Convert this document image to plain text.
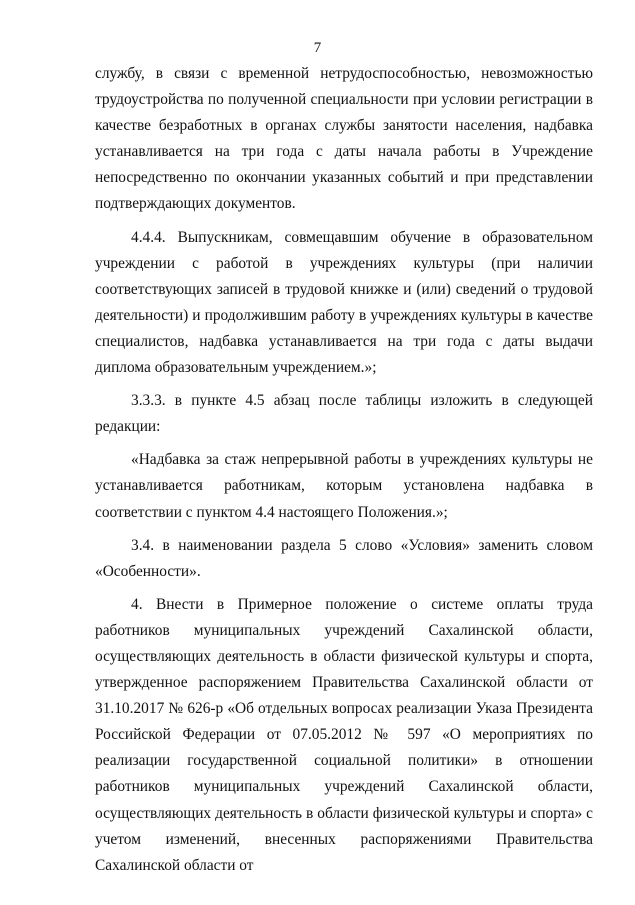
7

службу, в связи с временной нетрудоспособностью, невозможностью трудоустройства по полученной специальности при условии регистрации в качестве безработных в органах службы занятости населения, надбавка устанавливается на три года с даты начала работы в Учреждение непосредственно по окончании указанных событий и при представлении подтверждающих документов.

4.4.4. Выпускникам, совмещавшим обучение в образовательном учреждении с работой в учреждениях культуры (при наличии соответствующих записей в трудовой книжке и (или) сведений о трудовой деятельности) и продолжившим работу в учреждениях культуры в качестве специалистов, надбавка устанавливается на три года с даты выдачи диплома образовательным учреждением.»;

3.3.3. в пункте 4.5 абзац после таблицы изложить в следующей редакции:

«Надбавка за стаж непрерывной работы в учреждениях культуры не устанавливается работникам, которым установлена надбавка в соответствии с пунктом 4.4 настоящего Положения.»;

3.4. в наименовании раздела 5 слово «Условия» заменить словом «Особенности».

4. Внести в Примерное положение о системе оплаты труда работников муниципальных учреждений Сахалинской области, осуществляющих деятельность в области физической культуры и спорта, утвержденное распоряжением Правительства Сахалинской области от 31.10.2017 № 626-р «Об отдельных вопросах реализации Указа Президента Российской Федерации от 07.05.2012 № 597 «О мероприятиях по реализации государственной социальной политики» в отношении работников муниципальных учреждений Сахалинской области, осуществляющих деятельность в области физической культуры и спорта» с учетом изменений, внесенных распоряжениями Правительства Сахалинской области от
